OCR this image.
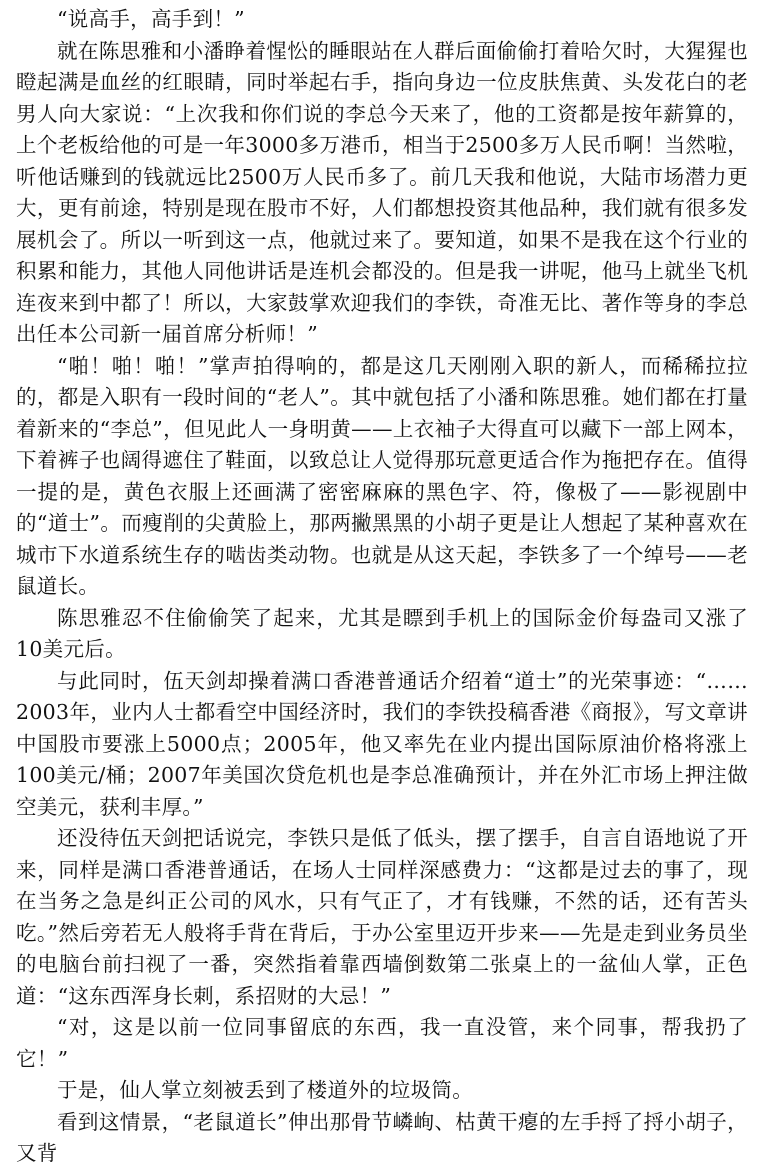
“说高手，高手到！”

就在陈思雅和小潘睁着惺忪的睡眼站在人群后面偷偷打着哈欠时，大猩猩也瞪起满是血丝的红眼睛，同时举起右手，指向身边一位皮肤焦黄、头发花白的老男人向大家说：“上次我和你们说的李总今天来了，他的工资都是按年薪算的，上个老板给他的可是一年3000多万港币，相当于2500多万人民币啊！当然啦，听他话赚到的钱就远比2500万人民币多了。前几天我和他说，大陆市场潜力更大，更有前途，特别是现在股市不好，人们都想投资其他品种，我们就有很多发展机会了。所以一听到这一点，他就过来了。要知道，如果不是我在这个行业的积累和能力，其他人同他讲话是连机会都没的。但是我一讲呢，他马上就坐飞机连夜来到中都了！所以，大家鼓掌欢迎我们的李铁，奇准无比、著作等身的李总出任本公司新一届首席分析师！”

“啪！啪！啪！”掌声拍得响的，都是这几天刚刚入职的新人，而稀稀拉拉的，都是入职有一段时间的“老人”。其中就包括了小潘和陈思雅。她们都在打量着新来的“李总”，但见此人一身明黄——上衣袖子大得直可以藏下一部上网本，下着裤子也阔得遮住了鞋面，以致总让人觉得那玩意更适合作为拖把存在。值得一提的是，黄色衣服上还画满了密密麻麻的黑色字、符，像极了——影视剧中的“道士”。而瘦削的尖黄脸上，那两撇黑黑的小胡子更是让人想起了某种喜欢在城市下水道系统生存的啮齿类动物。也就是从这天起，李铁多了一个绰号——老鼠道长。

陈思雅忍不住偷偷笑了起来，尤其是瞟到手机上的国际金价每盎司又涨了10美元后。

与此同时，伍天剑却操着满口香港普通话介绍着“道士”的光荣事迹：“……2003年，业内人士都看空中国经济时，我们的李铁投稿香港《商报》，写文章讲中国股市要涨上5000点；2005年，他又率先在业内提出国际原油价格将涨上100美元/桶；2007年美国次贷危机也是李总准确预计，并在外汇市场上押注做空美元，获利丰厚。”

还没待伍天剑把话说完，李铁只是低了低头，摆了摆手，自言自语地说了开来，同样是满口香港普通话，在场人士同样深感费力：“这都是过去的事了，现在当务之急是纠正公司的风水，只有气正了，才有钱赚，不然的话，还有苦头吃。”然后旁若无人般将手背在背后，于办公室里迈开步来——先是走到业务员坐的电脑台前扫视了一番，突然指着靠西墙倒数第二张桌上的一盆仙人掌，正色道：“这东西浑身长刺，系招财的大忌！”

“对，这是以前一位同事留底的东西，我一直没管，来个同事，帮我扔了它！”

于是，仙人掌立刻被丢到了楼道外的垃圾筒。

看到这情景，“老鼠道长”伸出那骨节嶙峋、枯黄干瘪的左手捋了捋小胡子，又背
